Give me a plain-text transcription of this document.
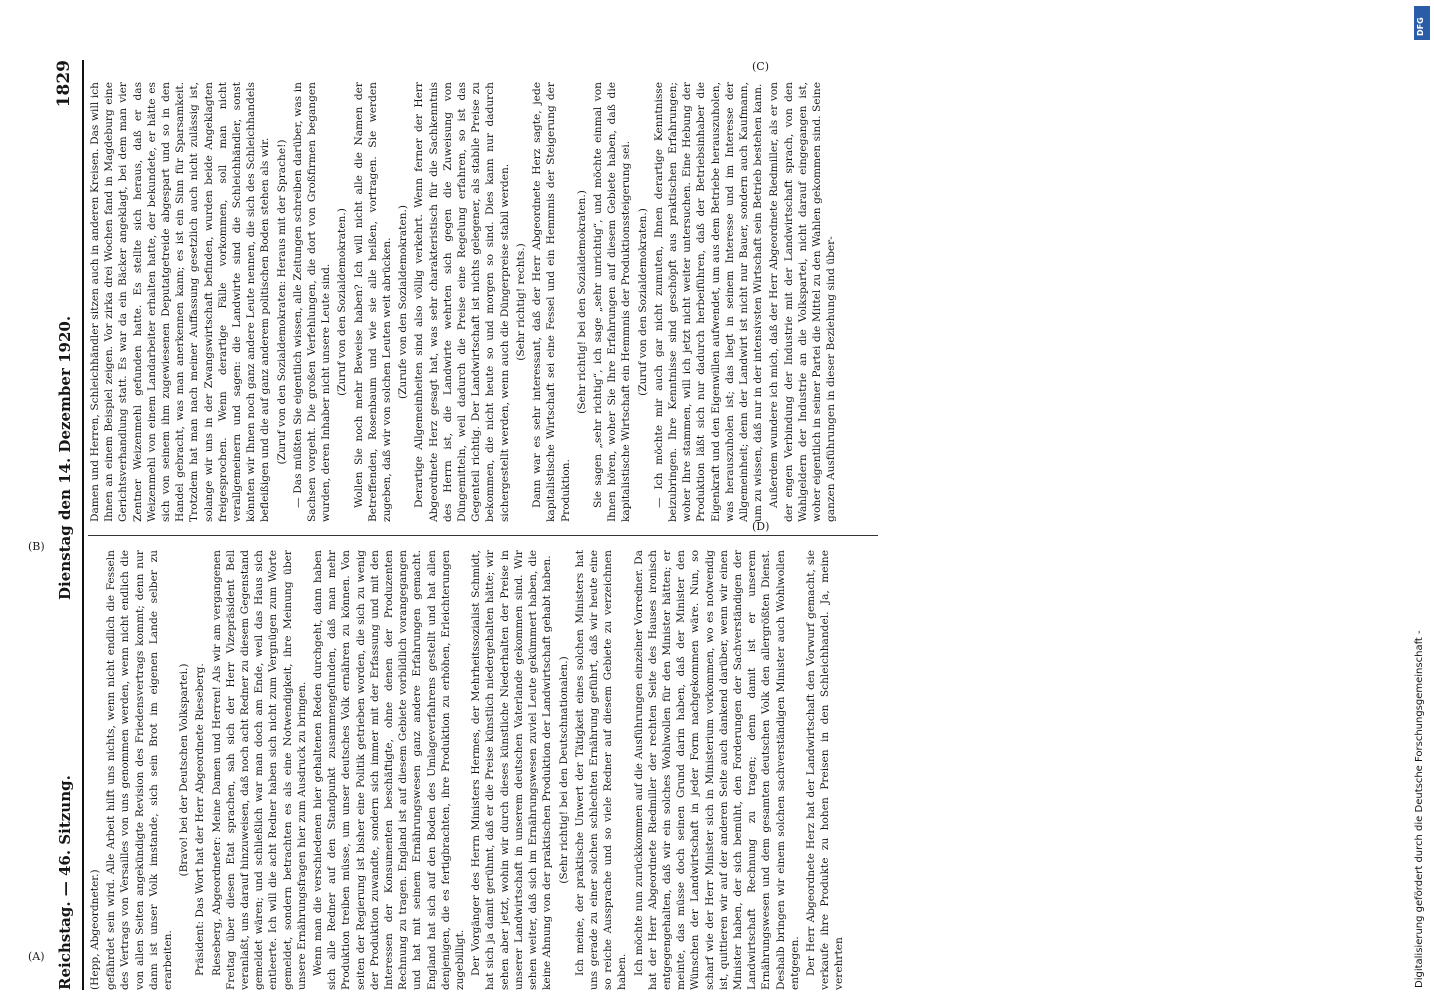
Reichstag. — 46. Sitzung.
Dienstag den 14. Dezember 1920.
1829

(Hepp, Abgeordneter.) gefährdet sein wird. Alle Arbeit hilft uns nichts, wenn nicht endlich die Fesseln des Vertrags von Versailles von uns genommen werden, wenn nicht endlich die von allen Seiten angekündigte Revision des Friedensvertrags kommt; denn nur dann ist unser Volk imstande, sich sein Brot im eigenen Lande selber zu erarbeiten.

(Bravo! bei der Deutschen Volkspartei.) Präsident: Das Wort hat der Herr Abgeordnete Rieseberg. Rieseberg, Abgeordneter: Meine Damen und Herren! Als wir am vergangenen Freitag über diesen Etat sprachen, sah sich der Herr Vizepräsident Bell veranlaßt, uns darauf hinzuweisen, daß noch acht Redner zu diesem Gegenstand gemeldet wären; und schließlich war man doch am Ende, weil das Haus sich entleerte. Ich will die acht Redner haben sich nicht zum Vergnügen zum Worte gemeldet, sondern betrachten es als eine Notwendigkeit, ihre Meinung über unsere Ernährungsfragen hier zum Ausdruck zu bringen. Wenn man die verschiedenen hier gehaltenen Reden durchgeht, dann haben sich alle Redner auf den Standpunkt zusammengefunden, daß man mehr Produktion treiben müsse, um unser deutsches Volk ernähren zu können. Von seiten der Regierung ist bisher eine Politik getrieben worden, die sich zu wenig der Produktion zuwandte, sondern sich immer mit der Erfassung und mit den Interessen der Konsumenten beschäftigte, ohne denen der Produzenten Rechnung zu tragen. England ist auf diesem Gebiete vorbildlich vorangegangen und hat mit seinem Ernährungswesen ganz andere Erfahrungen gemacht. England hat sich auf den Boden des Umlageverfahrens gestellt und hat allen denjenigen, die es fertigbrachten, ihre Produktion zu erhöhen, Erleichterungen zugebilligt. Der Vorgänger des Herrn Ministers Hermes, der Mehrheitssozialist Schmidt, hat sich ja damit gerühmt, daß er die Preise künstlich niedergehalten hätte; wir sehen aber jetzt, wohin wir durch dieses künstliche Niederhalten der Preise in unserer Landwirtschaft in unserem deutschen Vaterlande gekommen sind. Wir sehen weiter, daß sich im Ernährungswesen zuviel Leute gekümmert haben, die keine Ahnung von der praktischen Produktion der Landwirtschaft gehabt haben. (Sehr richtig! bei den Deutschnationalen.) Ich meine, der praktische Unwert der Tätigkeit eines solchen Ministers hat uns gerade zu einer solchen schlechten Ernährung geführt, daß wir heute eine so reiche Aussprache und so viele Redner auf diesem Gebiete zu verzeichnen haben. Ich möchte nun zurückkommen auf die Ausführungen einzelner Vorredner. Da hat der Herr Abgeordnete Riedmiller der rechten Seite des Hauses ironisch entgegengehalten, daß wir ein solches Wohlwollen für den Minister hätten; er meinte, das müsse doch seinen Grund darin haben, daß der Minister den Wünschen der Landwirtschaft in jeder Form nachgekommen wäre. Nun, so scharf wie der Herr Minister sich in Ministerium vorkommen, wo es notwendig ist, quittieren wir auf der anderen Seite auch dankend darüber, wenn wir einen Minister haben, der sich bemüht, den Forderungen der Sachverständigen der Landwirtschaft Rechnung zu tragen; denn damit ist er unserem Ernährungswesen und dem gesamten deutschen Volk den allergrößten Dienst. Deshalb bringen wir einem solchen sachverständigen Minister auch Wohlwollen entgegen. Der Herr Abgeordnete Herz hat der Landwirtschaft den Vorwurf gemacht, sie verkaufe ihre Produkte zu hohen Preisen in den Schleichhandel. Ja, meine verehrten

Damen und Herren, Schleichhändler sitzen auch in anderen Kreisen. Das will ich Ihnen an einem Beispiel zeigen. Vor zirka drei Wochen fand in Magdeburg eine Gerichtsverhandlung statt. Es war da ein Bäcker angeklagt, bei dem man vier Zentner Weizenmehl gefunden hatte. Es stellte sich heraus, daß er das Weizenmehl von einem Landarbeiter erhalten hatte, der bekundete, er hätte es sich von seinem ihm zugewiesenen Deputatgetreide abgespart und so in den Handel gebracht, was man anerkennen kann; es ist ein Sinn für Sparsamkeit. Trotzdem hat man nach meiner Auffassung gesetzlich auch nicht zulässig ist, solange wir uns in der Zwangswirtschaft befinden, wurden beide Angeklagten freigesprochen. Wenn derartige Fälle vorkommen, soll man nicht verallgemeinern und sagen: die Landwirte sind die Schleichhändler, sonst könnten wir Ihnen noch ganz andere Leute nennen, die sich des Schleichhandels befleißigen und die auf ganz anderem politischen Boden stehen als wir. (Zuruf von den Sozialdemokraten: Heraus mit der Sprache!) — Das müßten Sie eigentlich wissen, alle Zeitungen schreiben darüber, was in Sachsen vorgeht. Die großen Verfehlungen, die dort von Großfirmen begangen wurden, deren Inhaber nicht unsere Leute sind. (Zuruf von den Sozialdemokraten.) Wollen Sie noch mehr Beweise haben? Ich will nicht alle die Namen der Betreffenden, Rosenbaum und wie sie alle heißen, vortragen. Sie werden zugeben, daß wir von solchen Leuten weit abrücken. (Zurufe von den Sozialdemokraten.) Derartige Allgemeinheiten sind also völlig verkehrt. Wenn ferner der Herr Abgeordnete Herz gesagt hat, was sehr charakteristisch für die Sachkenntnis des Herrn ist, die Landwirte wehrten sich gegen die Zuweisung von Düngemitteln, weil dadurch die Preise eine Regelung erfahren, so ist das Gegenteil richtig. Der Landwirtschaft ist nichts gelegener, als stabile Preise zu bekommen, die nicht heute so und morgen so sind. Dies kann nur dadurch sichergestellt werden, wenn auch die Düngerpreise stabil werden. (Sehr richtig! rechts.) Dann war es sehr interessant, daß der Herr Abgeordnete Herz sagte, jede kapitalistische Wirtschaft sei eine Fessel und ein Hemmnis der Steigerung der Produktion.

(Sehr richtig! bei den Sozialdemokraten.) Sie sagen „sehr richtig“, ich sage „sehr unrichtig“, und möchte einmal von Ihnen hören, woher Sie Ihre Erfahrungen auf diesem Gebiete haben, daß die kapitalistische Wirtschaft ein Hemmnis der Produktionssteigerung sei. (Zuruf von den Sozialdemokraten.) — Ich möchte mir auch gar nicht zumuten, Ihnen derartige Kenntnisse beizubringen. Ihre Kenntnisse sind geschöpft aus praktischen Erfahrungen; woher Ihre stammen, will ich jetzt nicht weiter untersuchen. Eine Hebung der Produktion läßt sich nur dadurch herbeiführen, daß der Betriebsinhaber die Eigenkraft und den Eigenwillen aufwendet, um aus dem Betriebe herauszuholen, was herauszuholen ist; das liegt in seinem Interesse und im Interesse der Allgemeinheit; denn der Landwirt ist nicht nur Bauer, sondern auch Kaufmann, um zu wissen, daß nur in der intensivsten Wirtschaft sein Betrieb bestehen kann. Außerdem wundere ich mich, daß der Herr Abgeordnete Riedmiller, als er von der engen Verbindung der Industrie mit der Landwirtschaft sprach, von den Wahlgeldern der Industrie an die Volkspartei, nicht darauf eingegangen ist, woher eigentlich in seiner Partei die Mittel zu den Wahlen gekommen sind. Seine ganzen Ausführungen in dieser Beziehung sind über-

(A)
(B)
(C)
(D)
Digitalisierung gefördert durch die Deutsche Forschungsgemeinschaft -
DFG
